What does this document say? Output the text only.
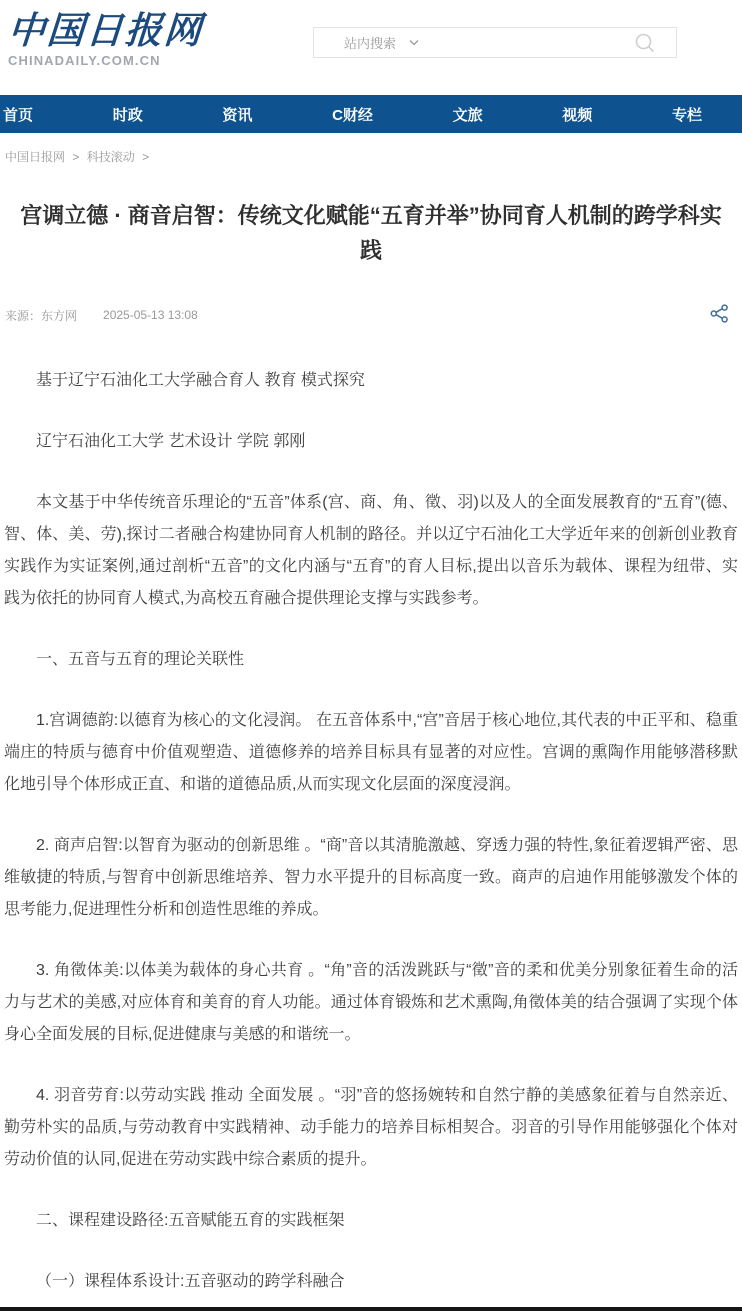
中国日报网
CHINADAILY.COM.CN
站内搜索
首页	时政	资讯	C财经	文旅	视频	专栏
中国日报网 > 科技滚动 >
宫调立德 · 商音启智：传统文化赋能“五育并举”协同育人机制的跨学科实践
来源：东方网 2025-05-13 13:08

基于辽宁石油化工大学融合育人 教育 模式探究

辽宁石油化工大学 艺术设计 学院 郭刚

本文基于中华传统音乐理论的“五音”体系(宫、商、角、徵、羽)以及人的全面发展教育的“五育”(德、智、体、美、劳),探讨二者融合构建协同育人机制的路径。并以辽宁石油化工大学近年来的创新创业教育实践作为实证案例,通过剖析“五音”的文化内涵与“五育”的育人目标,提出以音乐为载体、课程为纽带、实践为依托的协同育人模式,为高校五育融合提供理论支撑与实践参考。

一、五音与五育的理论关联性

1.宫调德韵:以德育为核心的文化浸润。 在五音体系中,“宫”音居于核心地位,其代表的中正平和、稳重端庄的特质与德育中价值观塑造、道德修养的培养目标具有显著的对应性。宫调的熏陶作用能够潜移默化地引导个体形成正直、和谐的道德品质,从而实现文化层面的深度浸润。

2. 商声启智:以智育为驱动的创新思维 。“商”音以其清脆激越、穿透力强的特性,象征着逻辑严密、思维敏捷的特质,与智育中创新思维培养、智力水平提升的目标高度一致。商声的启迪作用能够激发个体的思考能力,促进理性分析和创造性思维的养成。

3. 角徵体美:以体美为载体的身心共育 。“角”音的活泼跳跃与“徵”音的柔和优美分别象征着生命的活力与艺术的美感,对应体育和美育的育人功能。通过体育锻炼和艺术熏陶,角徵体美的结合强调了实现个体身心全面发展的目标,促进健康与美感的和谐统一。

4. 羽音劳育:以劳动实践 推动 全面发展 。“羽”音的悠扬婉转和自然宁静的美感象征着与自然亲近、勤劳朴实的品质,与劳动教育中实践精神、动手能力的培养目标相契合。羽音的引导作用能够强化个体对劳动价值的认同,促进在劳动实践中综合素质的提升。

二、课程建设路径:五音赋能五育的实践框架

（一）课程体系设计:五音驱动的跨学科融合
